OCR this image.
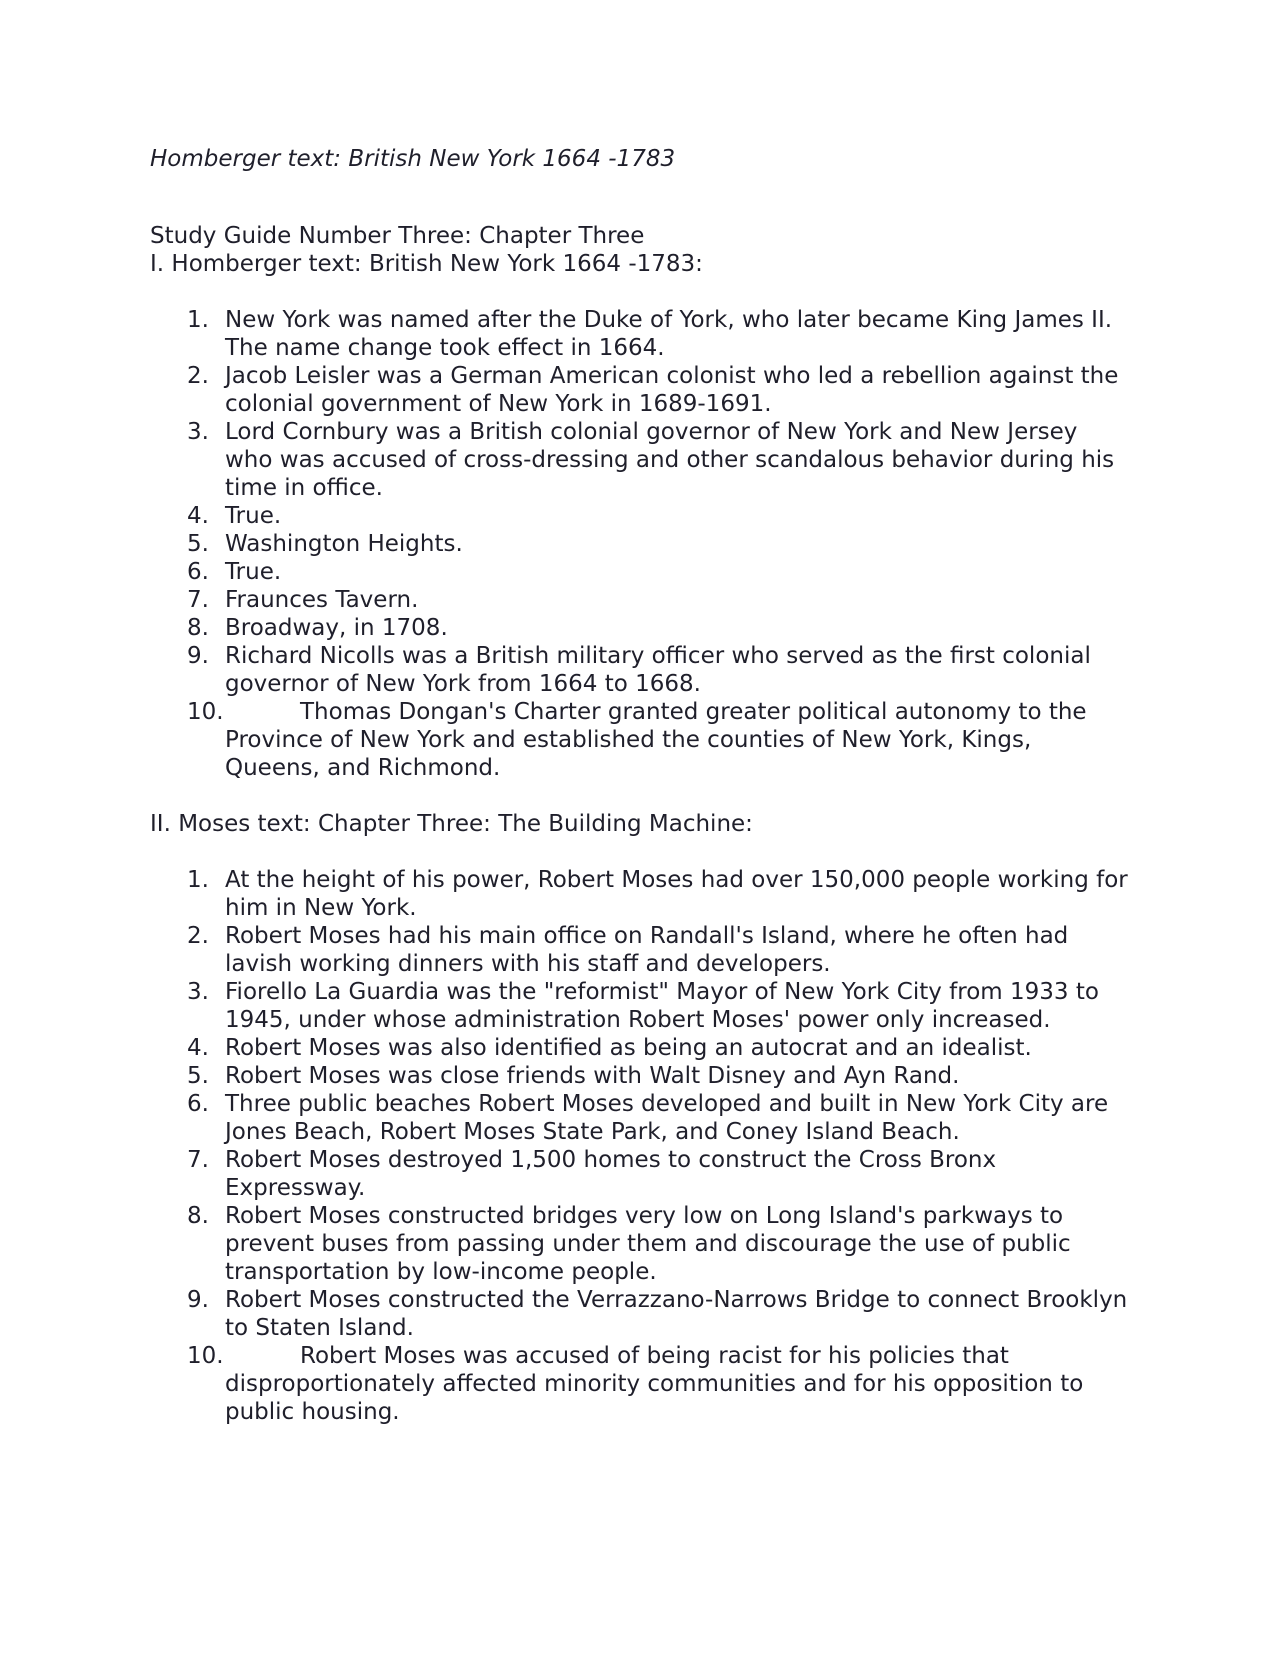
Homberger text: British New York 1664 -1783

Study Guide Number Three: Chapter Three

I. Homberger text: British New York 1664 -1783:

1. New York was named after the Duke of York, who later became King James II. The name change took effect in 1664.
2. Jacob Leisler was a German American colonist who led a rebellion against the colonial government of New York in 1689-1691.
3. Lord Cornbury was a British colonial governor of New York and New Jersey who was accused of cross-dressing and other scandalous behavior during his time in office.
4. True.
5. Washington Heights.
6. True.
7. Fraunces Tavern.
8. Broadway, in 1708.
9. Richard Nicolls was a British military officer who served as the first colonial governor of New York from 1664 to 1668.
10.	Thomas Dongan's Charter granted greater political autonomy to the Province of New York and established the counties of New York, Kings, Queens, and Richmond.

II. Moses text: Chapter Three: The Building Machine:

1. At the height of his power, Robert Moses had over 150,000 people working for him in New York.
2. Robert Moses had his main office on Randall's Island, where he often had lavish working dinners with his staff and developers.
3. Fiorello La Guardia was the "reformist" Mayor of New York City from 1933 to 1945, under whose administration Robert Moses' power only increased.
4. Robert Moses was also identified as being an autocrat and an idealist.
5. Robert Moses was close friends with Walt Disney and Ayn Rand.
6. Three public beaches Robert Moses developed and built in New York City are Jones Beach, Robert Moses State Park, and Coney Island Beach.
7. Robert Moses destroyed 1,500 homes to construct the Cross Bronx Expressway.
8. Robert Moses constructed bridges very low on Long Island's parkways to prevent buses from passing under them and discourage the use of public transportation by low-income people.
9. Robert Moses constructed the Verrazzano-Narrows Bridge to connect Brooklyn to Staten Island.
10.	Robert Moses was accused of being racist for his policies that disproportionately affected minority communities and for his opposition to public housing.
